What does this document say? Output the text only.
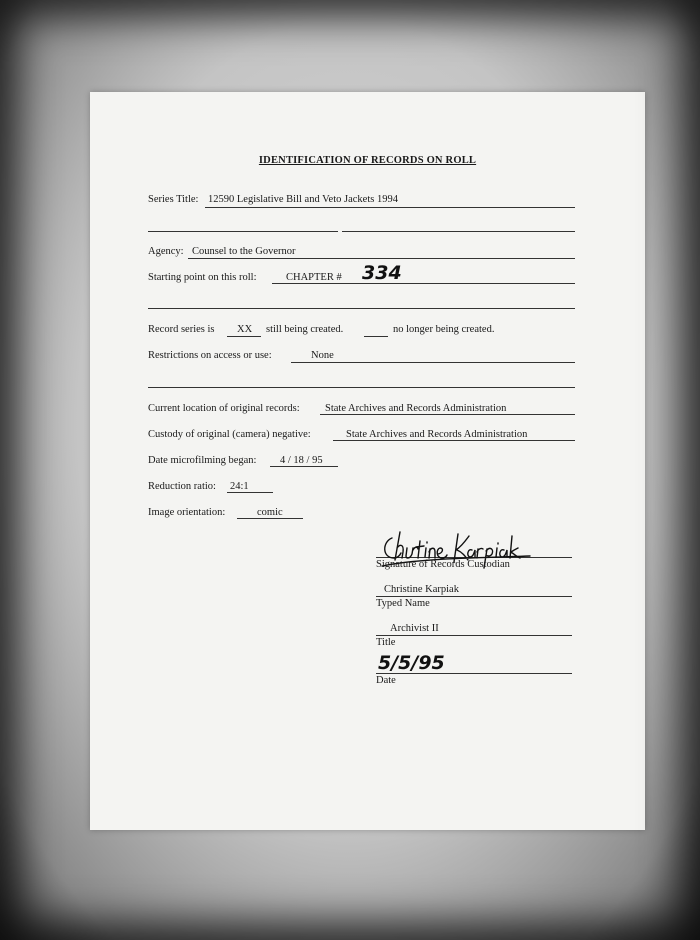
IDENTIFICATION OF RECORDS ON ROLL
Series Title: 12590 Legislative Bill and Veto Jackets 1994
Agency: Counsel to the Governor
Starting point on this roll:	CHAPTER # 334
Record series is XX still being created.	no longer being created.
Restrictions on access or use:	None
Current location of original records: State Archives and Records Administration
Custody of original (camera) negative:	State Archives and Records Administration
Date microfilming began: 4 / 18 / 95
Reduction ratio: 24:1
Image orientation:	comic
Signature of Records Custodian
Christine Karpiak
Typed Name
Archivist II
Title
5/5/95
Date
